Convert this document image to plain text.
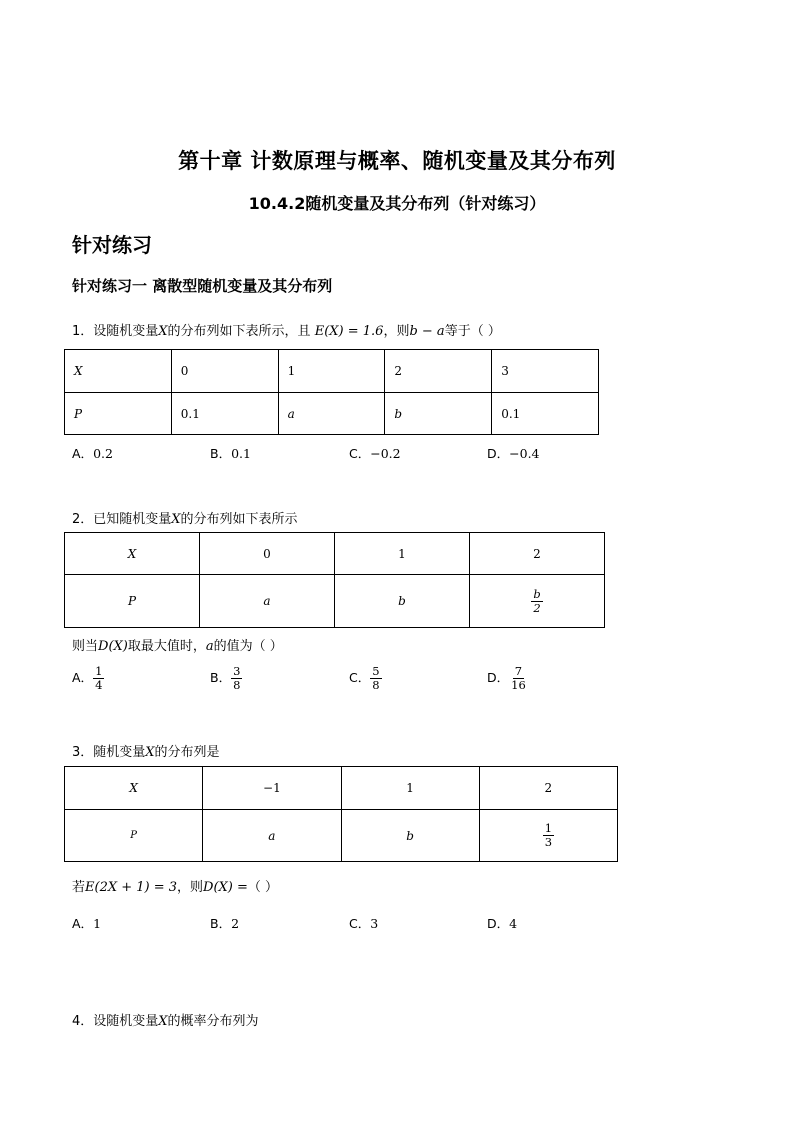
第十章 计数原理与概率、随机变量及其分布列
10.4.2随机变量及其分布列（针对练习）
针对练习
针对练习一 离散型随机变量及其分布列
1．设随机变量X的分布列如下表所示，且 E(X) = 1.6，则b − a等于（ ）
X	0	1	2	3
P	0.1	a	b	0.1
A．0.2	B．0.1	C．−0.2	D．−0.4
2．已知随机变量X的分布列如下表所示
X	0	1	2
P	a	b	$\frac{b}{2}$
则当D(X)取最大值时，a的值为（ ）
A． $\frac{1}{4}$	B． $\frac{3}{8}$	C． $\frac{5}{8}$	D． $\frac{7}{16}$
3．随机变量X的分布列是
X	−1	1	2
P	a	b	$\frac{1}{3}$
若E(2X + 1) = 3，则D(X) =（ ）
A．1	B．2	C．3	D．4
4．设随机变量X的概率分布列为
